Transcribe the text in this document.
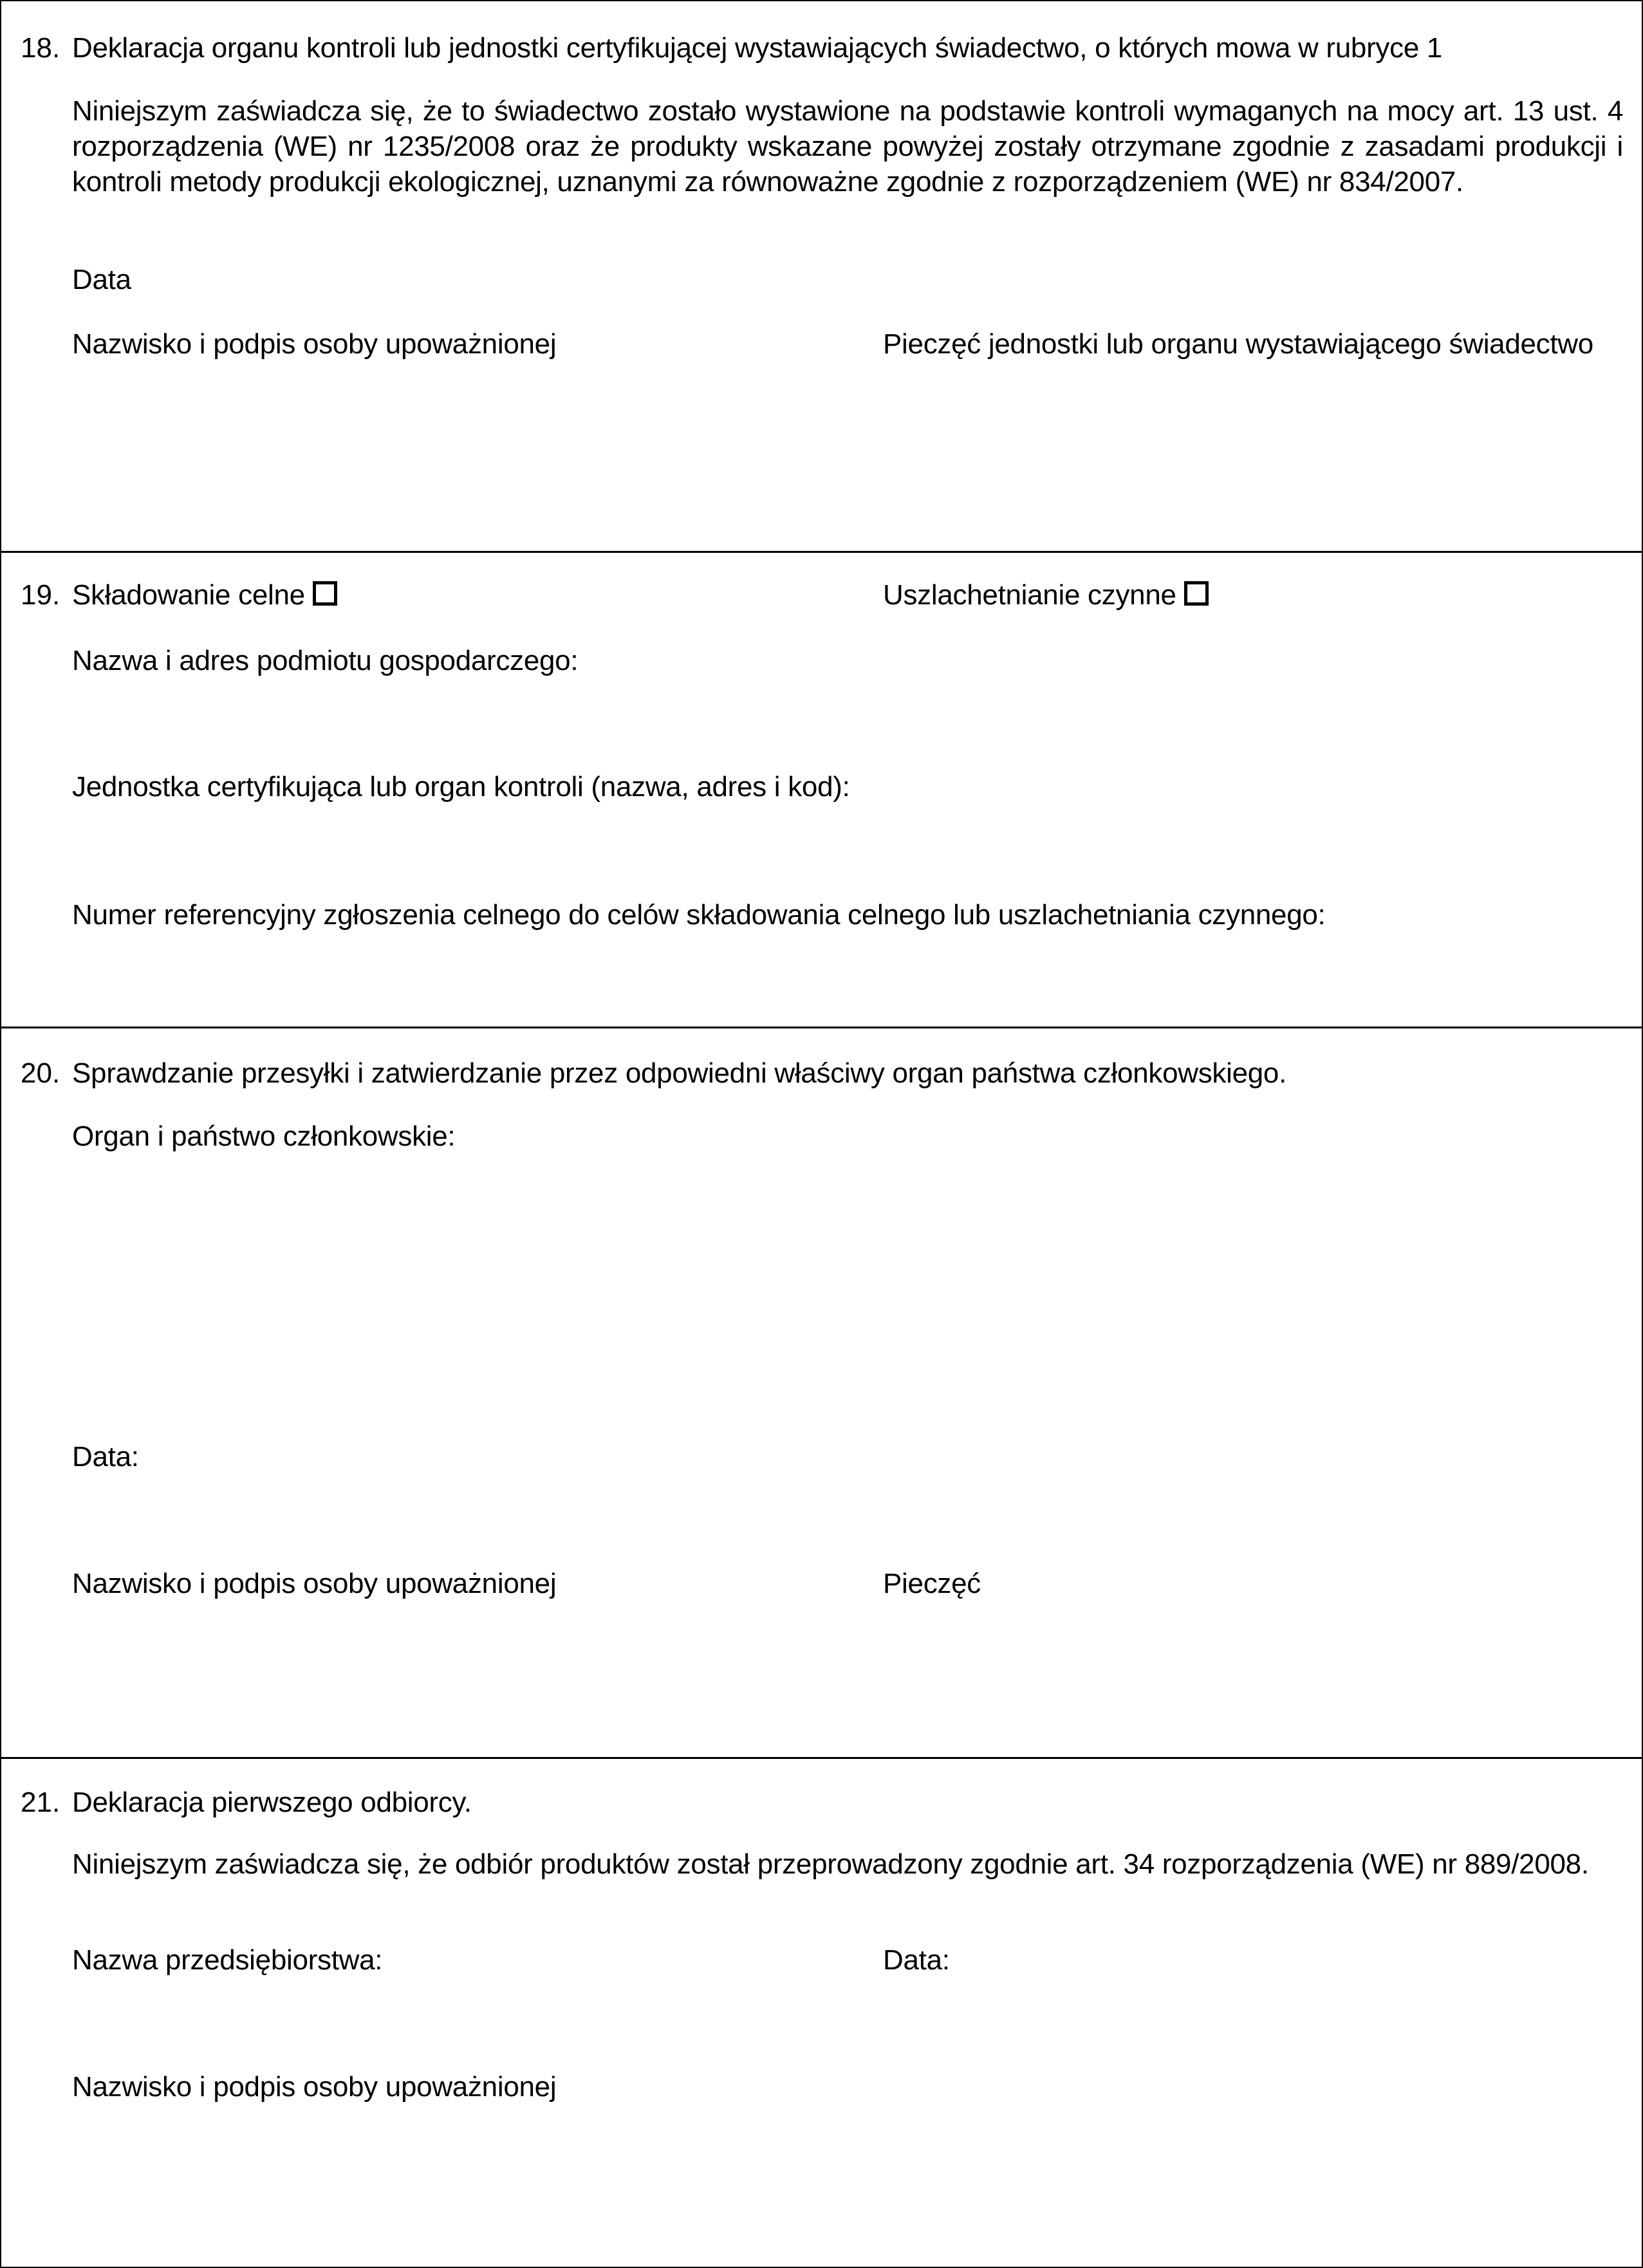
18. Deklaracja organu kontroli lub jednostki certyfikującej wystawiających świadectwo, o których mowa w rubryce 1
Niniejszym zaświadcza się, że to świadectwo zostało wystawione na podstawie kontroli wymaganych na mocy art. 13 ust. 4 rozporządzenia (WE) nr 1235/2008 oraz że produkty wskazane powyżej zostały otrzymane zgodnie z zasadami produkcji i kontroli metody produkcji ekologicznej, uznanymi za równoważne zgodnie z rozporządzeniem (WE) nr 834/2007.
Data
Nazwisko i podpis osoby upoważnionej	Pieczęć jednostki lub organu wystawiającego świadectwo
19. Składowanie celne	Uszlachetnianie czynne
Nazwa i adres podmiotu gospodarczego:
Jednostka certyfikująca lub organ kontroli (nazwa, adres i kod):
Numer referencyjny zgłoszenia celnego do celów składowania celnego lub uszlachetniania czynnego:
20. Sprawdzanie przesyłki i zatwierdzanie przez odpowiedni właściwy organ państwa członkowskiego.
Organ i państwo członkowskie:
Data:
Nazwisko i podpis osoby upoważnionej	Pieczęć
21. Deklaracja pierwszego odbiorcy.
Niniejszym zaświadcza się, że odbiór produktów został przeprowadzony zgodnie art. 34 rozporządzenia (WE) nr 889/2008.
Nazwa przedsiębiorstwa:	Data:
Nazwisko i podpis osoby upoważnionej
